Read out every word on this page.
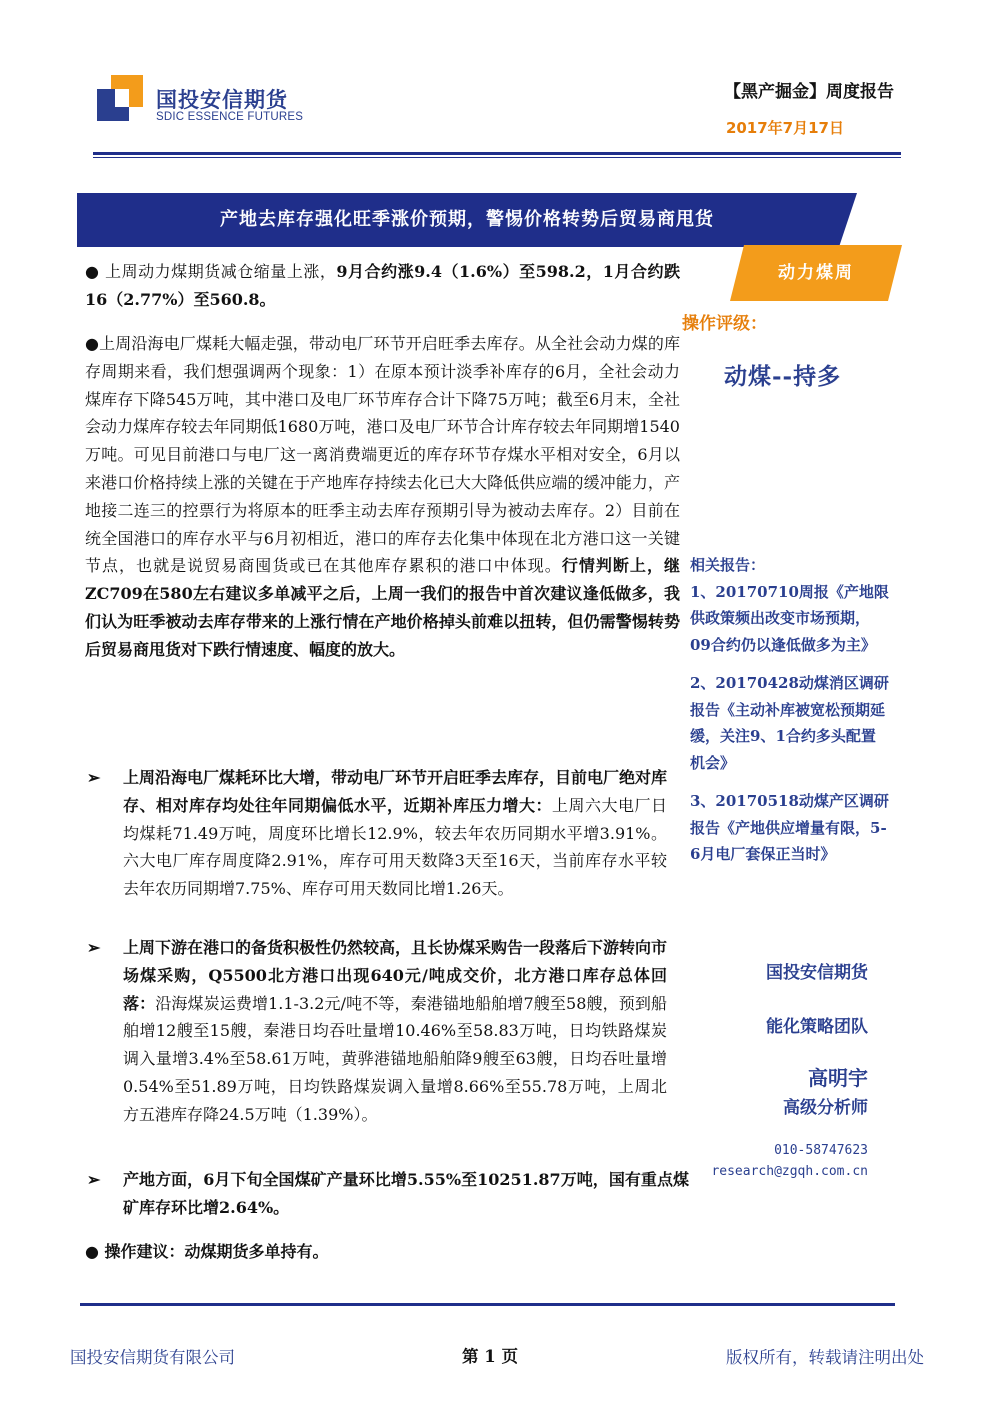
国投安信期货
SDIC ESSENCE FUTURES
【黑产掘金】周度报告
2017年7月17日
产地去库存强化旺季涨价预期，警惕价格转势后贸易商甩货
动力煤周
操作评级：
动煤--持多
相关报告：
1、20170710周报《产地限供政策频出改变市场预期，09合约仍以逢低做多为主》
2、20170428动煤消区调研报告《主动补库被宽松预期延缓，关注9、1合约多头配置机会》
3、20170518动煤产区调研报告《产地供应增量有限，5-6月电厂套保正当时》
国投安信期货
能化策略团队
高明宇
高级分析师
010-58747623
research@zgqh.com.cn

● 上周动力煤期货减仓缩量上涨，9月合约涨9.4（1.6%）至598.2，1月合约跌16（2.77%）至560.8。

●上周沿海电厂煤耗大幅走强，带动电厂环节开启旺季去库存。从全社会动力煤的库存周期来看，我们想强调两个现象：1）在原本预计淡季补库存的6月，全社会动力煤库存下降545万吨，其中港口及电厂环节库存合计下降75万吨；截至6月末，全社会动力煤库存较去年同期低1680万吨，港口及电厂环节合计库存较去年同期增1540万吨。可见目前港口与电厂这一离消费端更近的库存环节存煤水平相对安全，6月以来港口价格持续上涨的关键在于产地库存持续去化已大大降低供应端的缓冲能力，产地接二连三的控票行为将原本的旺季主动去库存预期引导为被动去库存。2）目前在统全国港口的库存水平与6月初相近，港口的库存去化集中体现在北方港口这一关键节点，也就是说贸易商囤货或已在其他库存累积的港口中体现。行情判断上，继ZC709在580左右建议多单减平之后，上周一我们的报告中首次建议逢低做多，我们认为旺季被动去库存带来的上涨行情在产地价格掉头前难以扭转，但仍需警惕转势后贸易商甩货对下跌行情速度、幅度的放大。

➢ 上周沿海电厂煤耗环比大增，带动电厂环节开启旺季去库存，目前电厂绝对库存、相对库存均处往年同期偏低水平，近期补库压力增大：上周六大电厂日均煤耗71.49万吨，周度环比增长12.9%，较去年农历同期水平增3.91%。六大电厂库存周度降2.91%，库存可用天数降3天至16天，当前库存水平较去年农历同期增7.75%、库存可用天数同比增1.26天。
➢ 上周下游在港口的备货积极性仍然较高，且长协煤采购告一段落后下游转向市场煤采购，Q5500北方港口出现640元/吨成交价，北方港口库存总体回落：沿海煤炭运费增1.1-3.2元/吨不等，秦港锚地船舶增7艘至58艘，预到船舶增12艘至15艘，秦港日均吞吐量增10.46%至58.83万吨，日均铁路煤炭调入量增3.4%至58.61万吨，黄骅港锚地船舶降9艘至63艘，日均吞吐量增0.54%至51.89万吨，日均铁路煤炭调入量增8.66%至55.78万吨，上周北方五港库存降24.5万吨（1.39%）。
➢ 产地方面，6月下旬全国煤矿产量环比增5.55%至10251.87万吨，国有重点煤矿库存环比增2.64%。

● 操作建议：动煤期货多单持有。

国投安信期货有限公司	第 1 页	版权所有，转载请注明出处
